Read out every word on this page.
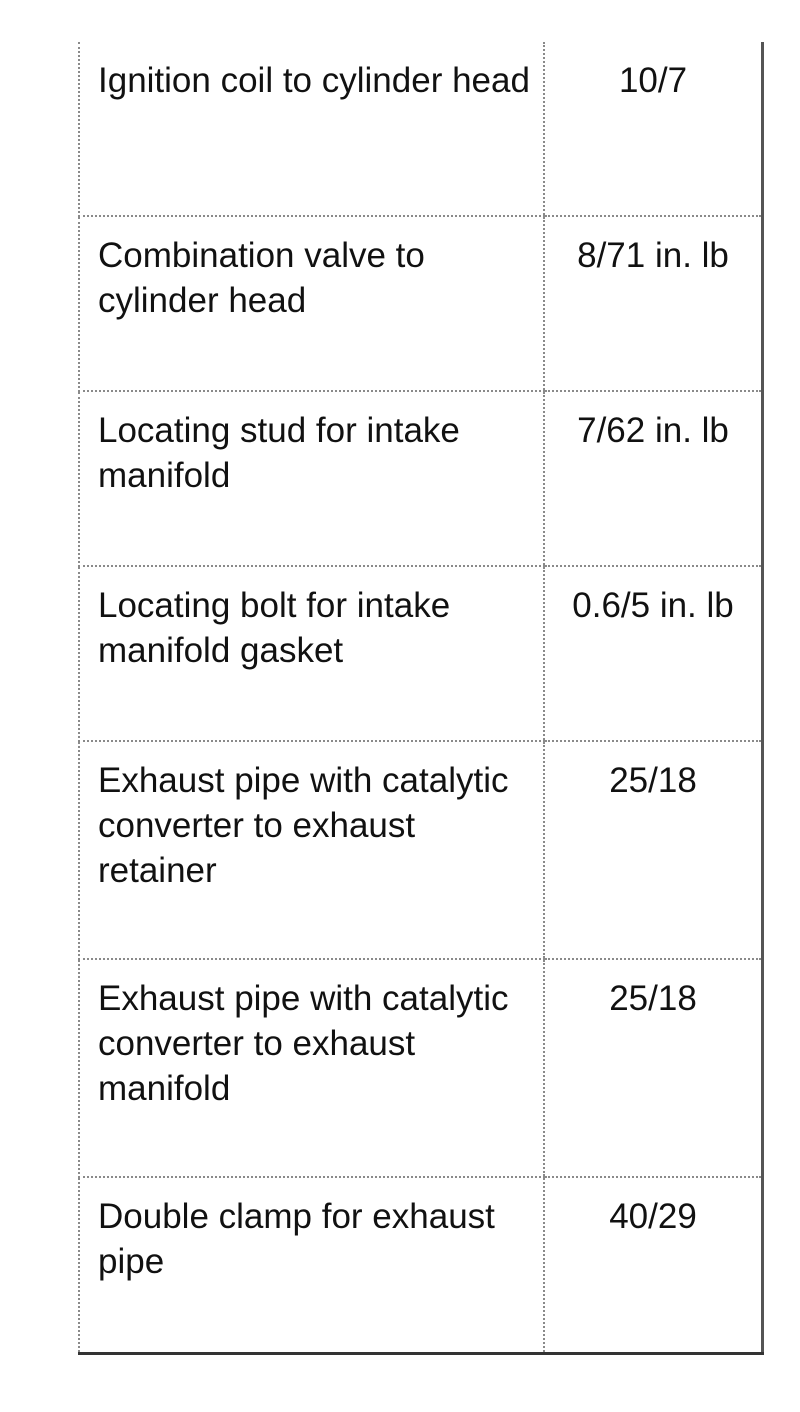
Ignition coil to cylinder head	10/7
Combination valve to cylinder head	8/71 in. lb
Locating stud for intake manifold	7/62 in. lb
Locating bolt for intake manifold gasket	0.6/5 in. lb
Exhaust pipe with catalytic converter to exhaust retainer	25/18
Exhaust pipe with catalytic converter to exhaust manifold	25/18
Double clamp for exhaust pipe	40/29
